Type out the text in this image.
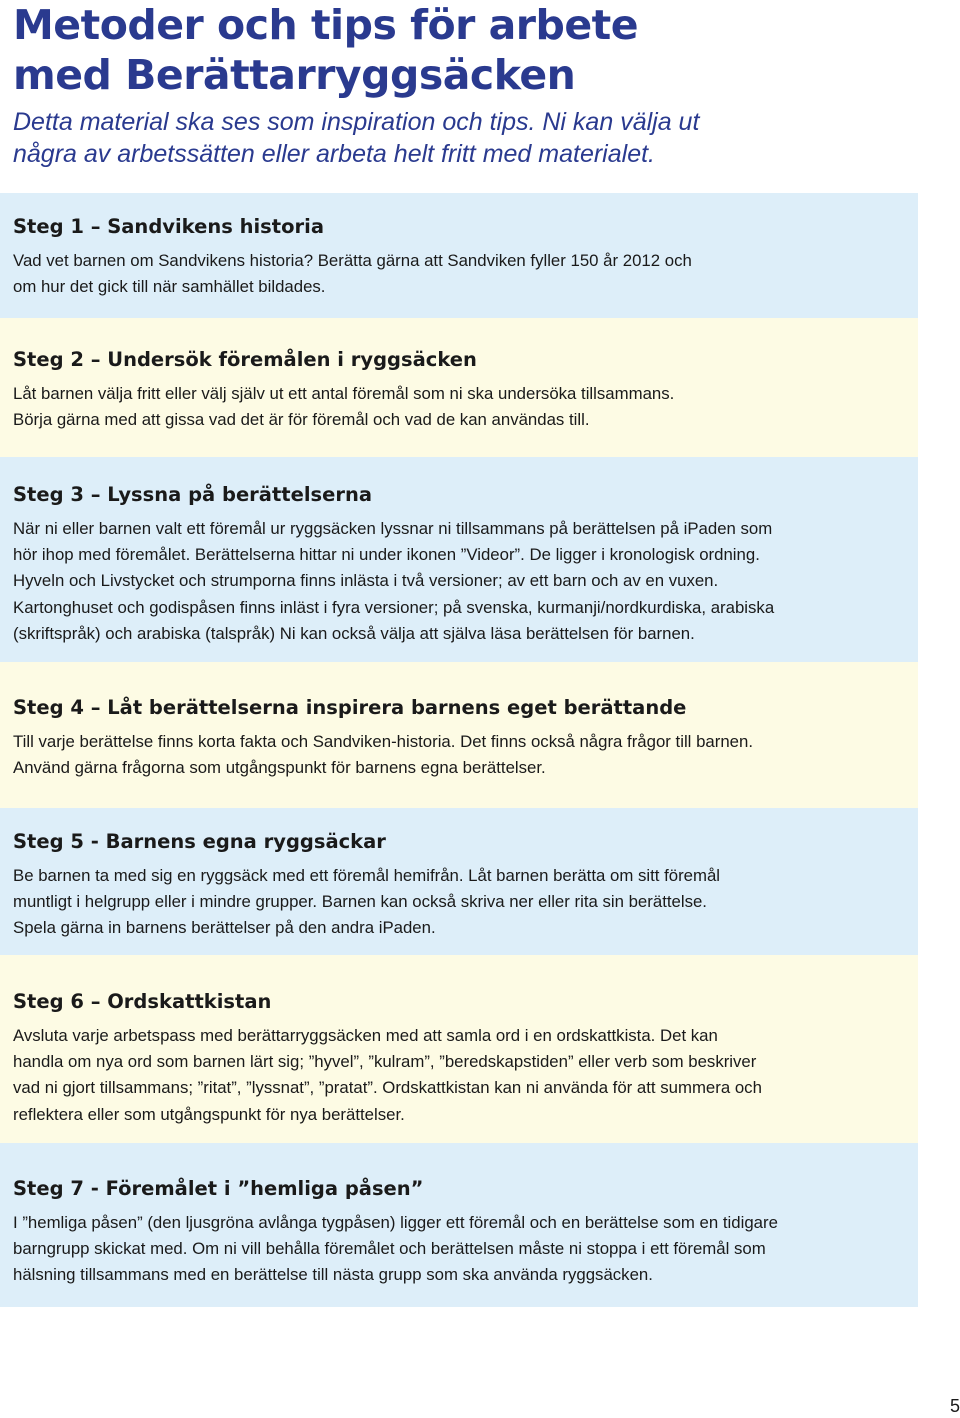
Metoder och tips för arbete
med Berättarryggsäcken

Detta material ska ses som inspiration och tips. Ni kan välja ut
några av arbetssätten eller arbeta helt fritt med materialet.

Steg 1 – Sandvikens historia

Vad vet barnen om Sandvikens historia? Berätta gärna att Sandviken fyller 150 år 2012 och
om hur det gick till när samhället bildades.

Steg 2 – Undersök föremålen i ryggsäcken

Låt barnen välja fritt eller välj själv ut ett antal föremål som ni ska undersöka tillsammans.
Börja gärna med att gissa vad det är för föremål och vad de kan användas till.

Steg 3 – Lyssna på berättelserna

När ni eller barnen valt ett föremål ur ryggsäcken lyssnar ni tillsammans på berättelsen på iPaden som
hör ihop med föremålet. Berättelserna hittar ni under ikonen ”Videor”. De ligger i kronologisk ordning.
Hyveln och Livstycket och strumporna finns inlästa i två versioner; av ett barn och av en vuxen.
Kartonghuset och godispåsen finns inläst i fyra versioner; på svenska, kurmanji/nordkurdiska, arabiska
(skriftspråk) och arabiska (talspråk) Ni kan också välja att själva läsa berättelsen för barnen.

Steg 4 – Låt berättelserna inspirera barnens eget berättande

Till varje berättelse finns korta fakta och Sandviken-historia. Det finns också några frågor till barnen.
Använd gärna frågorna som utgångspunkt för barnens egna berättelser.

Steg 5 - Barnens egna ryggsäckar

Be barnen ta med sig en ryggsäck med ett föremål hemifrån. Låt barnen berätta om sitt föremål
muntligt i helgrupp eller i mindre grupper. Barnen kan också skriva ner eller rita sin berättelse.
Spela gärna in barnens berättelser på den andra iPaden.

Steg 6 – Ordskattkistan

Avsluta varje arbetspass med berättarryggsäcken med att samla ord i en ordskattkista. Det kan
handla om nya ord som barnen lärt sig; ”hyvel”, ”kulram”, ”beredskapstiden” eller verb som beskriver
vad ni gjort tillsammans; ”ritat”, ”lyssnat”, ”pratat”. Ordskattkistan kan ni använda för att summera och
reflektera eller som utgångspunkt för nya berättelser.

Steg 7 - Föremålet i ”hemliga påsen”

I ”hemliga påsen” (den ljusgröna avlånga tygpåsen) ligger ett föremål och en berättelse som en tidigare
barngrupp skickat med. Om ni vill behålla föremålet och berättelsen måste ni stoppa i ett föremål som
hälsning tillsammans med en berättelse till nästa grupp som ska använda ryggsäcken.

5
